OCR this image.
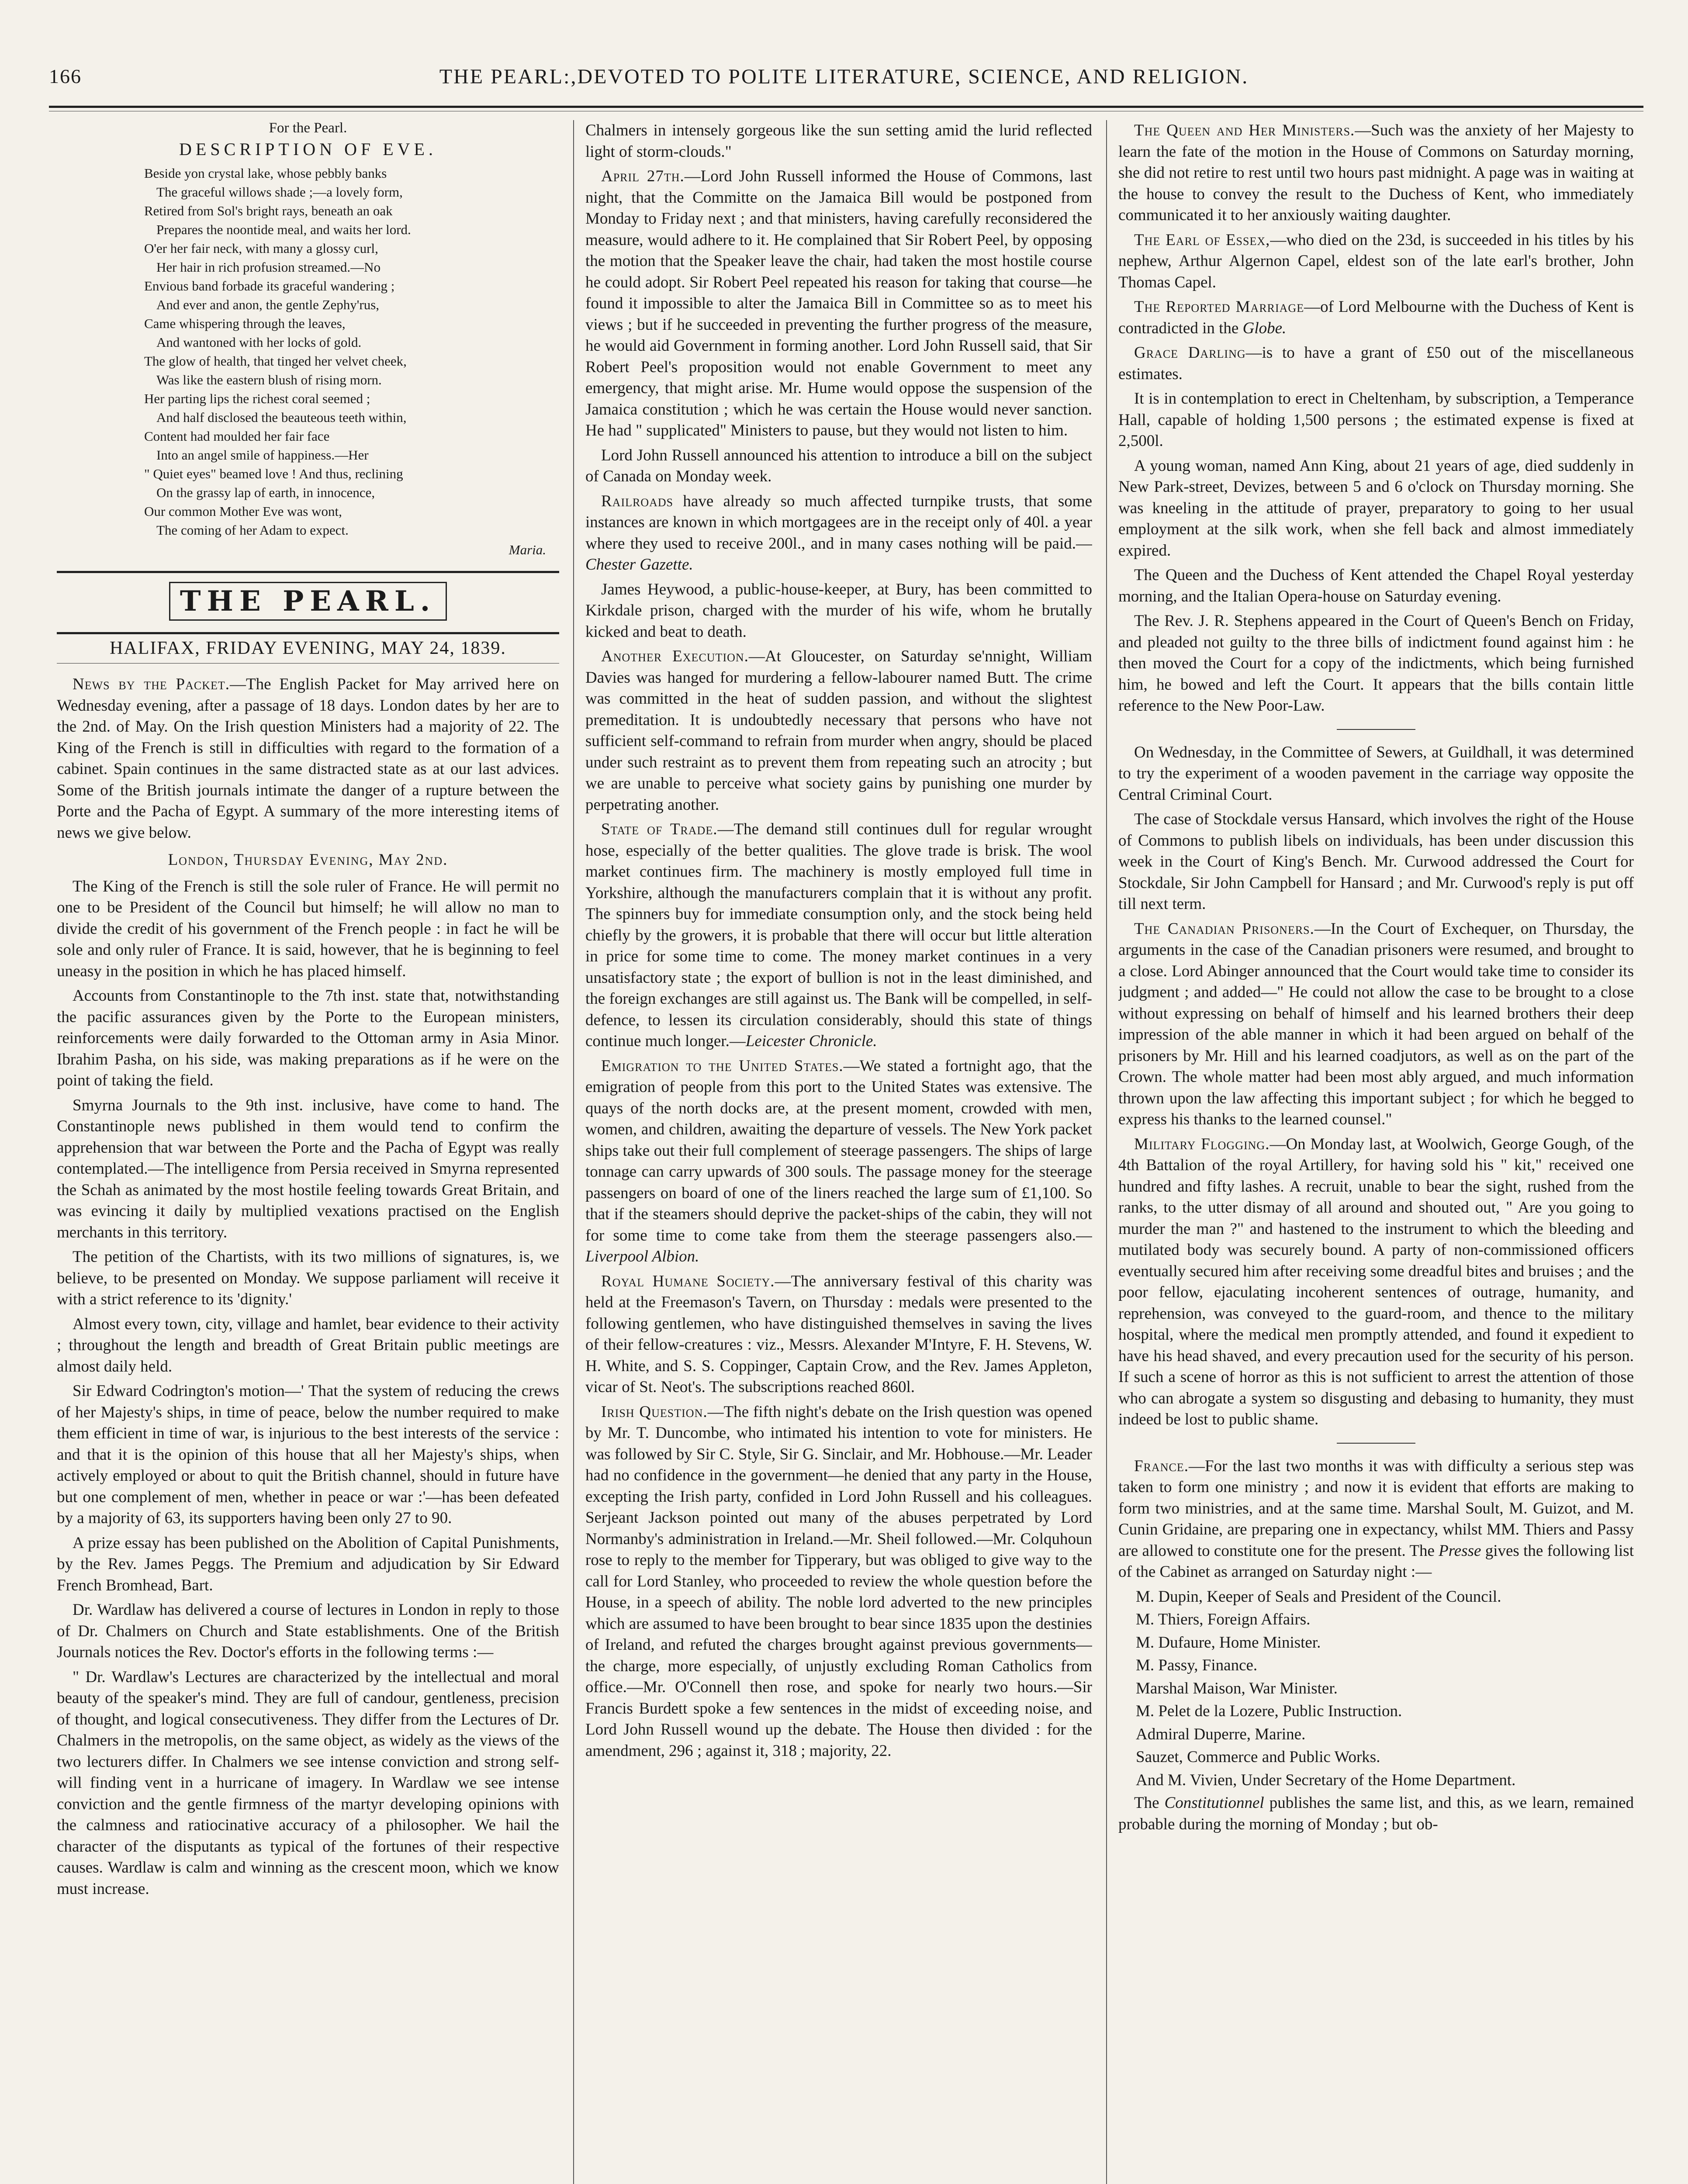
166	THE PEARL:,DEVOTED TO POLITE LITERATURE, SCIENCE, AND RELIGION.
For the Pearl.
DESCRIPTION OF EVE.
Beside yon crystal lake, whose pebbly banks
The graceful willows shade ;—a lovely form,
Retired from Sol's bright rays, beneath an oak
Prepares the noontide meal, and waits her lord.
O'er her fair neck, with many a glossy curl,
Her hair in rich profusion streamed.—No
Envious band forbade its graceful wandering ;
And ever and anon, the gentle Zephy'rus,
Came whispering through the leaves,
And wantoned with her locks of gold.
The glow of health, that tinged her velvet cheek,
Was like the eastern blush of rising morn.
Her parting lips the richest coral seemed ;
And half disclosed the beauteous teeth within,
Content had moulded her fair face
Into an angel smile of happiness.—Her
" Quiet eyes" beamed love ! And thus, reclining
On the grassy lap of earth, in innocence,
Our common Mother Eve was wont,
The coming of her Adam to expect.
Maria.
THE PEARL.
HALIFAX, FRIDAY EVENING, MAY 24, 1839.

News by the Packet.—The English Packet for May arrived here on Wednesday evening, after a passage of 18 days. London dates by her are to the 2nd. of May. On the Irish question Ministers had a majority of 22. The King of the French is still in difficulties with regard to the formation of a cabinet. Spain continues in the same distracted state as at our last advices. Some of the British journals intimate the danger of a rupture between the Porte and the Pacha of Egypt. A summary of the more interesting items of news we give below.

London, Thursday Evening, May 2nd.

The King of the French is still the sole ruler of France. He will permit no one to be President of the Council but himself; he will allow no man to divide the credit of his government of the French people : in fact he will be sole and only ruler of France. It is said, however, that he is beginning to feel uneasy in the position in which he has placed himself.

Accounts from Constantinople to the 7th inst. state that, notwithstanding the pacific assurances given by the Porte to the European ministers, reinforcements were daily forwarded to the Ottoman army in Asia Minor. Ibrahim Pasha, on his side, was making preparations as if he were on the point of taking the field.

Smyrna Journals to the 9th inst. inclusive, have come to hand. The Constantinople news published in them would tend to confirm the apprehension that war between the Porte and the Pacha of Egypt was really contemplated.—The intelligence from Persia received in Smyrna represented the Schah as animated by the most hostile feeling towards Great Britain, and was evincing it daily by multiplied vexations practised on the English merchants in this territory.

The petition of the Chartists, with its two millions of signatures, is, we believe, to be presented on Monday. We suppose parliament will receive it with a strict reference to its 'dignity.'

Almost every town, city, village and hamlet, bear evidence to their activity ; throughout the length and breadth of Great Britain public meetings are almost daily held.

Sir Edward Codrington's motion—' That the system of reducing the crews of her Majesty's ships, in time of peace, below the number required to make them efficient in time of war, is injurious to the best interests of the service : and that it is the opinion of this house that all her Majesty's ships, when actively employed or about to quit the British channel, should in future have but one complement of men, whether in peace or war :'—has been defeated by a majority of 63, its supporters having been only 27 to 90.

A prize essay has been published on the Abolition of Capital Punishments, by the Rev. James Peggs. The Premium and adjudication by Sir Edward French Bromhead, Bart.

Dr. Wardlaw has delivered a course of lectures in London in reply to those of Dr. Chalmers on Church and State establishments. One of the British Journals notices the Rev. Doctor's efforts in the following terms :—

" Dr. Wardlaw's Lectures are characterized by the intellectual and moral beauty of the speaker's mind. They are full of candour, gentleness, precision of thought, and logical consecutiveness. They differ from the Lectures of Dr. Chalmers in the metropolis, on the same object, as widely as the views of the two lecturers differ. In Chalmers we see intense conviction and strong self-will finding vent in a hurricane of imagery. In Wardlaw we see intense conviction and the gentle firmness of the martyr developing opinions with the calmness and ratiocinative accuracy of a philosopher. We hail the character of the disputants as typical of the fortunes of their respective causes. Wardlaw is calm and winning as the crescent moon, which we know must increase.

Chalmers in intensely gorgeous like the sun setting amid the lurid reflected light of storm-clouds."

April 27th.—Lord John Russell informed the House of Commons, last night, that the Committe on the Jamaica Bill would be postponed from Monday to Friday next ; and that ministers, having carefully reconsidered the measure, would adhere to it. He complained that Sir Robert Peel, by opposing the motion that the Speaker leave the chair, had taken the most hostile course he could adopt. Sir Robert Peel repeated his reason for taking that course—he found it impossible to alter the Jamaica Bill in Committee so as to meet his views ; but if he succeeded in preventing the further progress of the measure, he would aid Government in forming another. Lord John Russell said, that Sir Robert Peel's proposition would not enable Government to meet any emergency, that might arise. Mr. Hume would oppose the suspension of the Jamaica constitution ; which he was certain the House would never sanction. He had " supplicated" Ministers to pause, but they would not listen to him.

Lord John Russell announced his attention to introduce a bill on the subject of Canada on Monday week.

Railroads have already so much affected turnpike trusts, that some instances are known in which mortgagees are in the receipt only of 40l. a year where they used to receive 200l., and in many cases nothing will be paid.—Chester Gazette.

James Heywood, a public-house-keeper, at Bury, has been committed to Kirkdale prison, charged with the murder of his wife, whom he brutally kicked and beat to death.

Another Execution.—At Gloucester, on Saturday se'nnight, William Davies was hanged for murdering a fellow-labourer named Butt. The crime was committed in the heat of sudden passion, and without the slightest premeditation. It is undoubtedly necessary that persons who have not sufficient self-command to refrain from murder when angry, should be placed under such restraint as to prevent them from repeating such an atrocity ; but we are unable to perceive what society gains by punishing one murder by perpetrating another.

State of Trade.—The demand still continues dull for regular wrought hose, especially of the better qualities. The glove trade is brisk. The wool market continues firm. The machinery is mostly employed full time in Yorkshire, although the manufacturers complain that it is without any profit. The spinners buy for immediate consumption only, and the stock being held chiefly by the growers, it is probable that there will occur but little alteration in price for some time to come. The money market continues in a very unsatisfactory state ; the export of bullion is not in the least diminished, and the foreign exchanges are still against us. The Bank will be compelled, in self-defence, to lessen its circulation considerably, should this state of things continue much longer.—Leicester Chronicle.

Emigration to the United States.—We stated a fortnight ago, that the emigration of people from this port to the United States was extensive. The quays of the north docks are, at the present moment, crowded with men, women, and children, awaiting the departure of vessels. The New York packet ships take out their full complement of steerage passengers. The ships of large tonnage can carry upwards of 300 souls. The passage money for the steerage passengers on board of one of the liners reached the large sum of £1,100. So that if the steamers should deprive the packet-ships of the cabin, they will not for some time to come take from them the steerage passengers also.—Liverpool Albion.

Royal Humane Society.—The anniversary festival of this charity was held at the Freemason's Tavern, on Thursday : medals were presented to the following gentlemen, who have distinguished themselves in saving the lives of their fellow-creatures : viz., Messrs. Alexander M'Intyre, F. H. Stevens, W. H. White, and S. S. Coppinger, Captain Crow, and the Rev. James Appleton, vicar of St. Neot's. The subscriptions reached 860l.

Irish Question.—The fifth night's debate on the Irish question was opened by Mr. T. Duncombe, who intimated his intention to vote for ministers. He was followed by Sir C. Style, Sir G. Sinclair, and Mr. Hobhouse.—Mr. Leader had no confidence in the government—he denied that any party in the House, excepting the Irish party, confided in Lord John Russell and his colleagues. Serjeant Jackson pointed out many of the abuses perpetrated by Lord Normanby's administration in Ireland.—Mr. Sheil followed.—Mr. Colquhoun rose to reply to the member for Tipperary, but was obliged to give way to the call for Lord Stanley, who proceeded to review the whole question before the House, in a speech of ability. The noble lord adverted to the new principles which are assumed to have been brought to bear since 1835 upon the destinies of Ireland, and refuted the charges brought against previous governments—the charge, more especially, of unjustly excluding Roman Catholics from office.—Mr. O'Connell then rose, and spoke for nearly two hours.—Sir Francis Burdett spoke a few sentences in the midst of exceeding noise, and Lord John Russell wound up the debate. The House then divided : for the amendment, 296 ; against it, 318 ; majority, 22.

The Queen and Her Ministers.—Such was the anxiety of her Majesty to learn the fate of the motion in the House of Commons on Saturday morning, she did not retire to rest until two hours past midnight. A page was in waiting at the house to convey the result to the Duchess of Kent, who immediately communicated it to her anxiously waiting daughter.

The Earl of Essex,—who died on the 23d, is succeeded in his titles by his nephew, Arthur Algernon Capel, eldest son of the late earl's brother, John Thomas Capel.

The Reported Marriage—of Lord Melbourne with the Duchess of Kent is contradicted in the Globe.

Grace Darling—is to have a grant of £50 out of the miscellaneous estimates.

It is in contemplation to erect in Cheltenham, by subscription, a Temperance Hall, capable of holding 1,500 persons ; the estimated expense is fixed at 2,500l.

A young woman, named Ann King, about 21 years of age, died suddenly in New Park-street, Devizes, between 5 and 6 o'clock on Thursday morning. She was kneeling in the attitude of prayer, preparatory to going to her usual employment at the silk work, when she fell back and almost immediately expired.

The Queen and the Duchess of Kent attended the Chapel Royal yesterday morning, and the Italian Opera-house on Saturday evening.

The Rev. J. R. Stephens appeared in the Court of Queen's Bench on Friday, and pleaded not guilty to the three bills of indictment found against him : he then moved the Court for a copy of the indictments, which being furnished him, he bowed and left the Court. It appears that the bills contain little reference to the New Poor-Law.

On Wednesday, in the Committee of Sewers, at Guildhall, it was determined to try the experiment of a wooden pavement in the carriage way opposite the Central Criminal Court.

The case of Stockdale versus Hansard, which involves the right of the House of Commons to publish libels on individuals, has been under discussion this week in the Court of King's Bench. Mr. Curwood addressed the Court for Stockdale, Sir John Campbell for Hansard ; and Mr. Curwood's reply is put off till next term.

The Canadian Prisoners.—In the Court of Exchequer, on Thursday, the arguments in the case of the Canadian prisoners were resumed, and brought to a close. Lord Abinger announced that the Court would take time to consider its judgment ; and added—" He could not allow the case to be brought to a close without expressing on behalf of himself and his learned brothers their deep impression of the able manner in which it had been argued on behalf of the prisoners by Mr. Hill and his learned coadjutors, as well as on the part of the Crown. The whole matter had been most ably argued, and much information thrown upon the law affecting this important subject ; for which he begged to express his thanks to the learned counsel."

Military Flogging.—On Monday last, at Woolwich, George Gough, of the 4th Battalion of the royal Artillery, for having sold his " kit," received one hundred and fifty lashes. A recruit, unable to bear the sight, rushed from the ranks, to the utter dismay of all around and shouted out, " Are you going to murder the man ?" and hastened to the instrument to which the bleeding and mutilated body was securely bound. A party of non-commissioned officers eventually secured him after receiving some dreadful bites and bruises ; and the poor fellow, ejaculating incoherent sentences of outrage, humanity, and reprehension, was conveyed to the guard-room, and thence to the military hospital, where the medical men promptly attended, and found it expedient to have his head shaved, and every precaution used for the security of his person. If such a scene of horror as this is not sufficient to arrest the attention of those who can abrogate a system so disgusting and debasing to humanity, they must indeed be lost to public shame.

France.—For the last two months it was with difficulty a serious step was taken to form one ministry ; and now it is evident that efforts are making to form two ministries, and at the same time. Marshal Soult, M. Guizot, and M. Cunin Gridaine, are preparing one in expectancy, whilst MM. Thiers and Passy are allowed to constitute one for the present. The Presse gives the following list of the Cabinet as arranged on Saturday night :—

M. Dupin, Keeper of Seals and President of the Council.
M. Thiers, Foreign Affairs.
M. Dufaure, Home Minister.
M. Passy, Finance.
Marshal Maison, War Minister.
M. Pelet de la Lozere, Public Instruction.
Admiral Duperre, Marine.
Sauzet, Commerce and Public Works.
And M. Vivien, Under Secretary of the Home Department.

The Constitutionnel publishes the same list, and this, as we learn, remained probable during the morning of Monday ; but ob-
